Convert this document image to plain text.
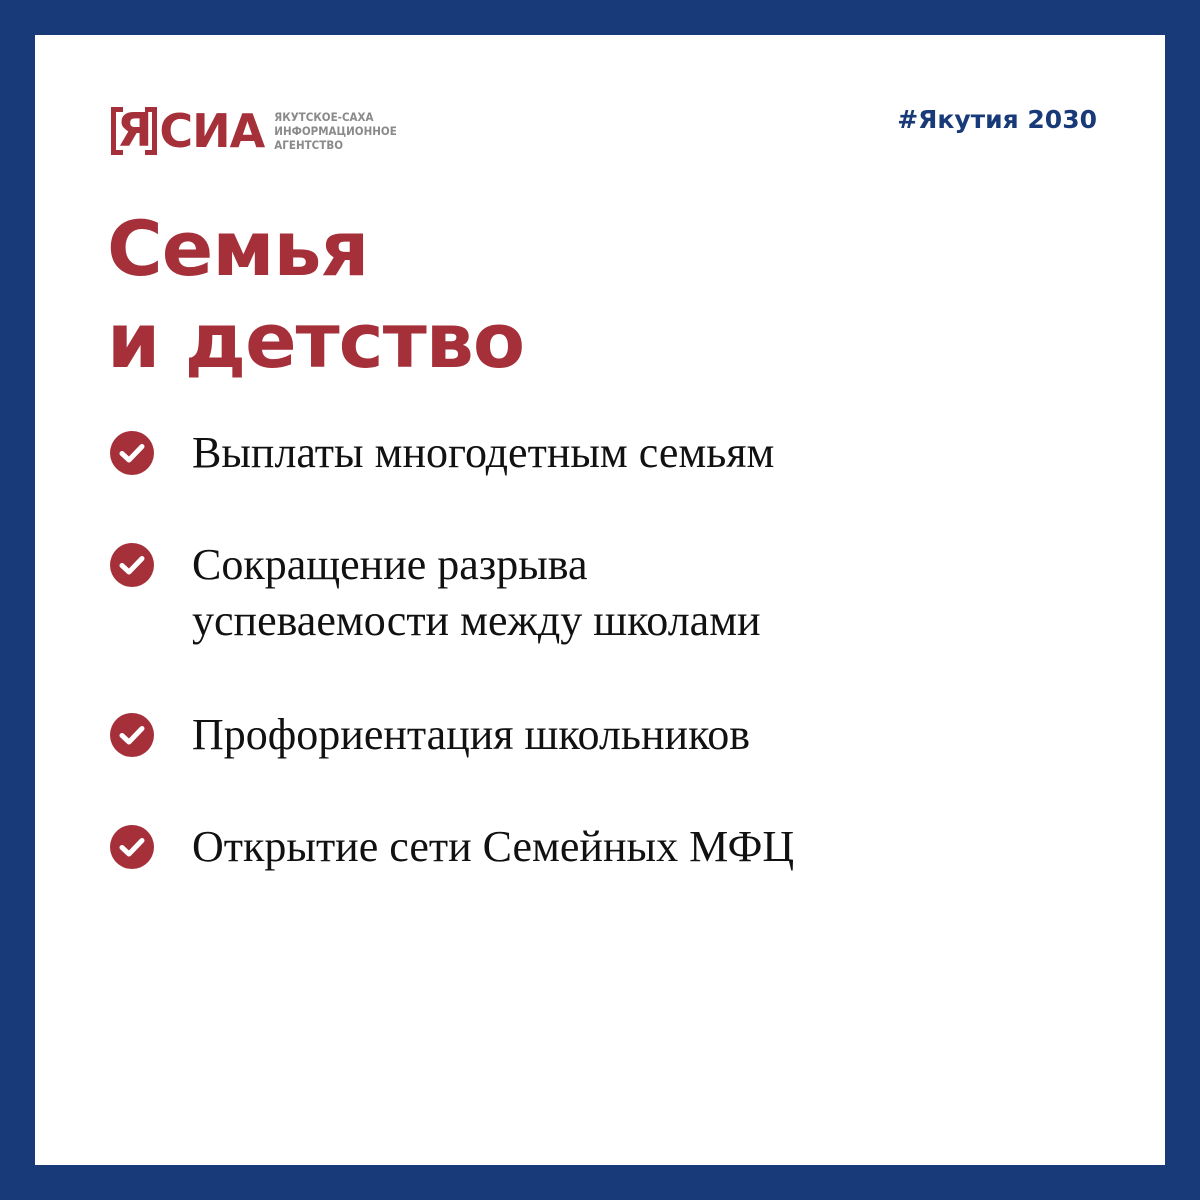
Я СИА ЯКУТСКОЕ-САХА
ИНФОРМАЦИОННОЕ
АГЕНТСТВО
#Якутия 2030
Семья
и детство
Выплаты многодетным семьям
Сокращение разрыва
успеваемости между школами
Профориентация школьников
Открытие сети Семейных МФЦ
